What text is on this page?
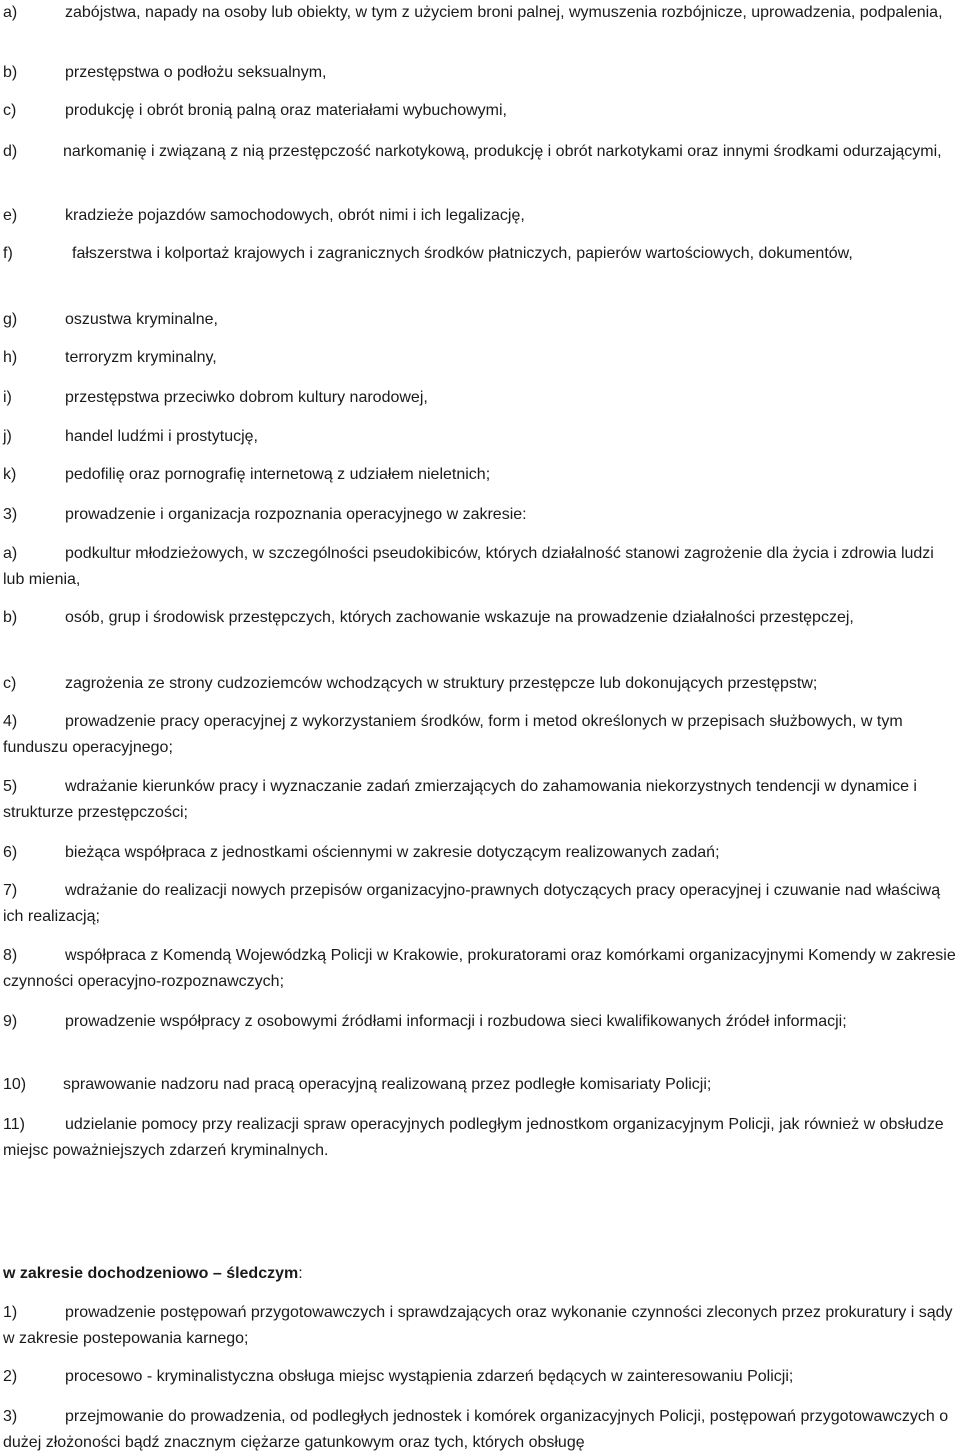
a)	zabójstwa, napady na osoby lub obiekty, w tym z użyciem broni palnej, wymuszenia rozbójnicze, uprowadzenia, podpalenia,

b)	przestępstwa o podłożu seksualnym,

c)	produkcję i obrót bronią palną oraz materiałami wybuchowymi,

d)	narkomanię i związaną z nią przestępczość narkotykową, produkcję i obrót narkotykami oraz innymi środkami odurzającymi,

e)	kradzieże pojazdów samochodowych, obrót nimi i ich legalizację,

f)	fałszerstwa i kolportaż krajowych i zagranicznych środków płatniczych, papierów wartościowych, dokumentów,

g)	oszustwa kryminalne,

h)	terroryzm kryminalny,

i)	przestępstwa przeciwko dobrom kultury narodowej,

j)	handel ludźmi i prostytucję,

k)	pedofilię oraz pornografię internetową z udziałem nieletnich;

3)	prowadzenie i organizacja rozpoznania operacyjnego w zakresie:

a)	podkultur młodzieżowych, w szczególności pseudokibiców, których działalność stanowi zagrożenie dla życia i zdrowia ludzi lub mienia,

b)	osób, grup i środowisk przestępczych, których zachowanie wskazuje na prowadzenie działalności przestępczej,

c)	zagrożenia ze strony cudzoziemców wchodzących w struktury przestępcze lub dokonujących przestępstw;

4)	prowadzenie pracy operacyjnej z wykorzystaniem środków, form i metod określonych w przepisach służbowych, w tym funduszu operacyjnego;

5)	wdrażanie kierunków pracy i wyznaczanie zadań zmierzających do zahamowania niekorzystnych tendencji w dynamice i strukturze przestępczości;

6)	bieżąca współpraca z jednostkami ościennymi w zakresie dotyczącym realizowanych zadań;

7)	wdrażanie do realizacji nowych przepisów organizacyjno-prawnych dotyczących pracy operacyjnej i czuwanie nad właściwą ich realizacją;

8)	współpraca z Komendą Wojewódzką Policji w Krakowie, prokuratorami oraz komórkami organizacyjnymi Komendy w zakresie czynności operacyjno-rozpoznawczych;

9)	prowadzenie współpracy z osobowymi źródłami informacji i rozbudowa sieci kwalifikowanych źródeł informacji;

10) sprawowanie nadzoru nad pracą operacyjną realizowaną przez podległe komisariaty Policji;

11)	udzielanie pomocy przy realizacji spraw operacyjnych podległym jednostkom organizacyjnym Policji, jak również w obsłudze miejsc poważniejszych zdarzeń kryminalnych.

w zakresie dochodzeniowo – śledczym:

1)	prowadzenie postępowań przygotowawczych i sprawdzających oraz wykonanie czynności zleconych przez prokuratury i sądy w zakresie postepowania karnego;

2)	procesowo - kryminalistyczna obsługa miejsc wystąpienia zdarzeń będących w zainteresowaniu Policji;

3)	przejmowanie do prowadzenia, od podległych jednostek i komórek organizacyjnych Policji, postępowań przygotowawczych o dużej złożoności bądź znacznym ciężarze gatunkowym oraz tych, których obsługę
